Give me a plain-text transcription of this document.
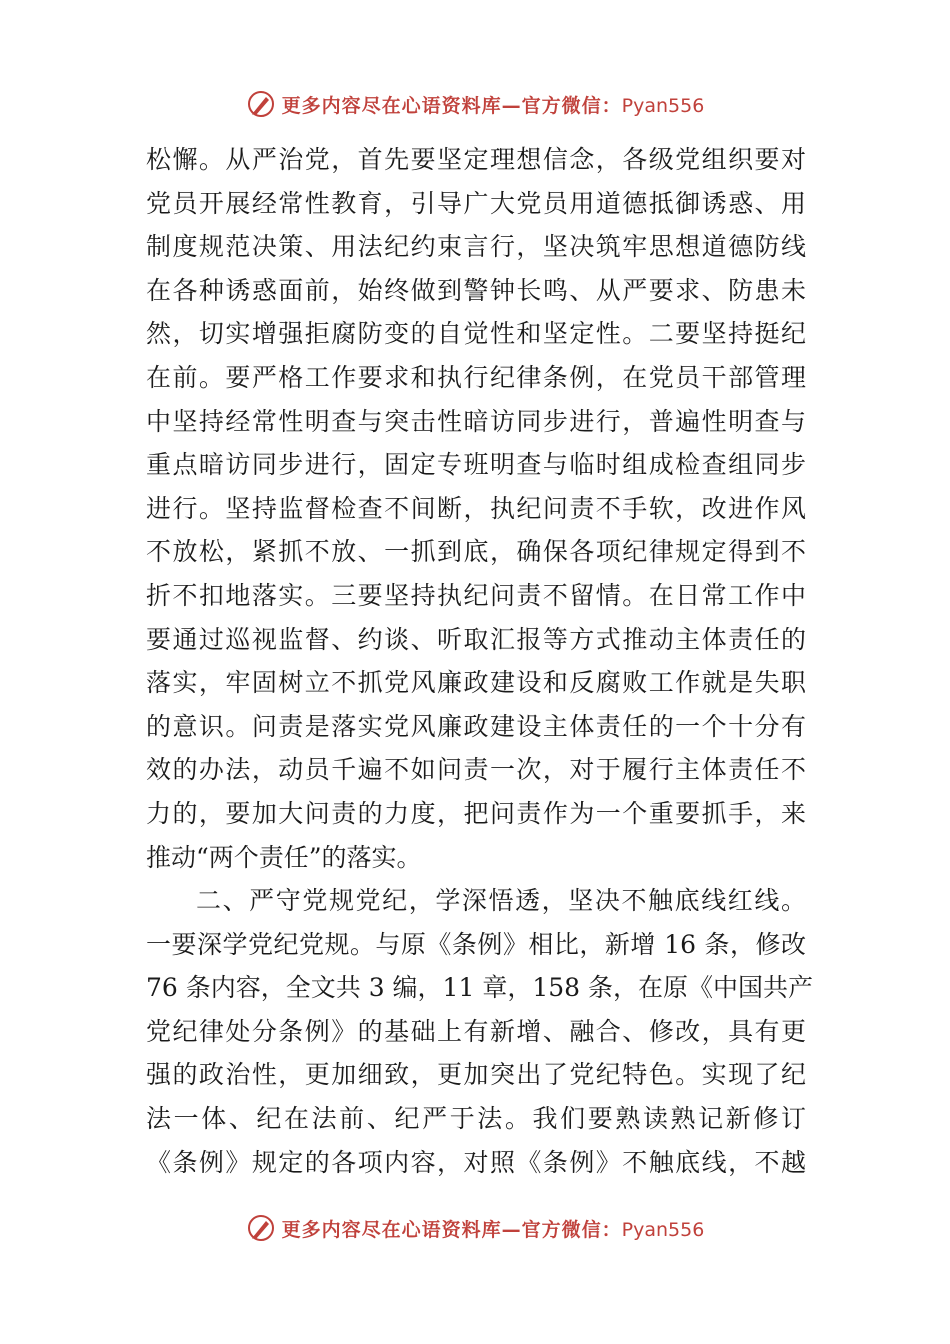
更多内容尽在心语资料库—官方微信：Pyan556
松懈。从严治党，首先要坚定理想信念，各级党组织要对
党员开展经常性教育，引导广大党员用道德抵御诱惑、用
制度规范决策、用法纪约束言行，坚决筑牢思想道德防线
在各种诱惑面前，始终做到警钟长鸣、从严要求、防患未
然，切实增强拒腐防变的自觉性和坚定性。二要坚持挺纪
在前。要严格工作要求和执行纪律条例，在党员干部管理
中坚持经常性明查与突击性暗访同步进行，普遍性明查与
重点暗访同步进行，固定专班明查与临时组成检查组同步
进行。坚持监督检查不间断，执纪问责不手软，改进作风
不放松，紧抓不放、一抓到底，确保各项纪律规定得到不
折不扣地落实。三要坚持执纪问责不留情。在日常工作中
要通过巡视监督、约谈、听取汇报等方式推动主体责任的
落实，牢固树立不抓党风廉政建设和反腐败工作就是失职
的意识。问责是落实党风廉政建设主体责任的一个十分有
效的办法，动员千遍不如问责一次，对于履行主体责任不
力的，要加大问责的力度，把问责作为一个重要抓手，来
推动“两个责任”的落实。
二、严守党规党纪，学深悟透，坚决不触底线红线。
一要深学党纪党规。与原《条例》相比，新增 16 条，修改
76 条内容，全文共 3 编，11 章，158 条，在原《中国共产
党纪律处分条例》的基础上有新增、融合、修改，具有更
强的政治性，更加细致，更加突出了党纪特色。实现了纪
法一体、纪在法前、纪严于法。我们要熟读熟记新修订
《条例》规定的各项内容，对照《条例》不触底线，不越
更多内容尽在心语资料库—官方微信：Pyan556
